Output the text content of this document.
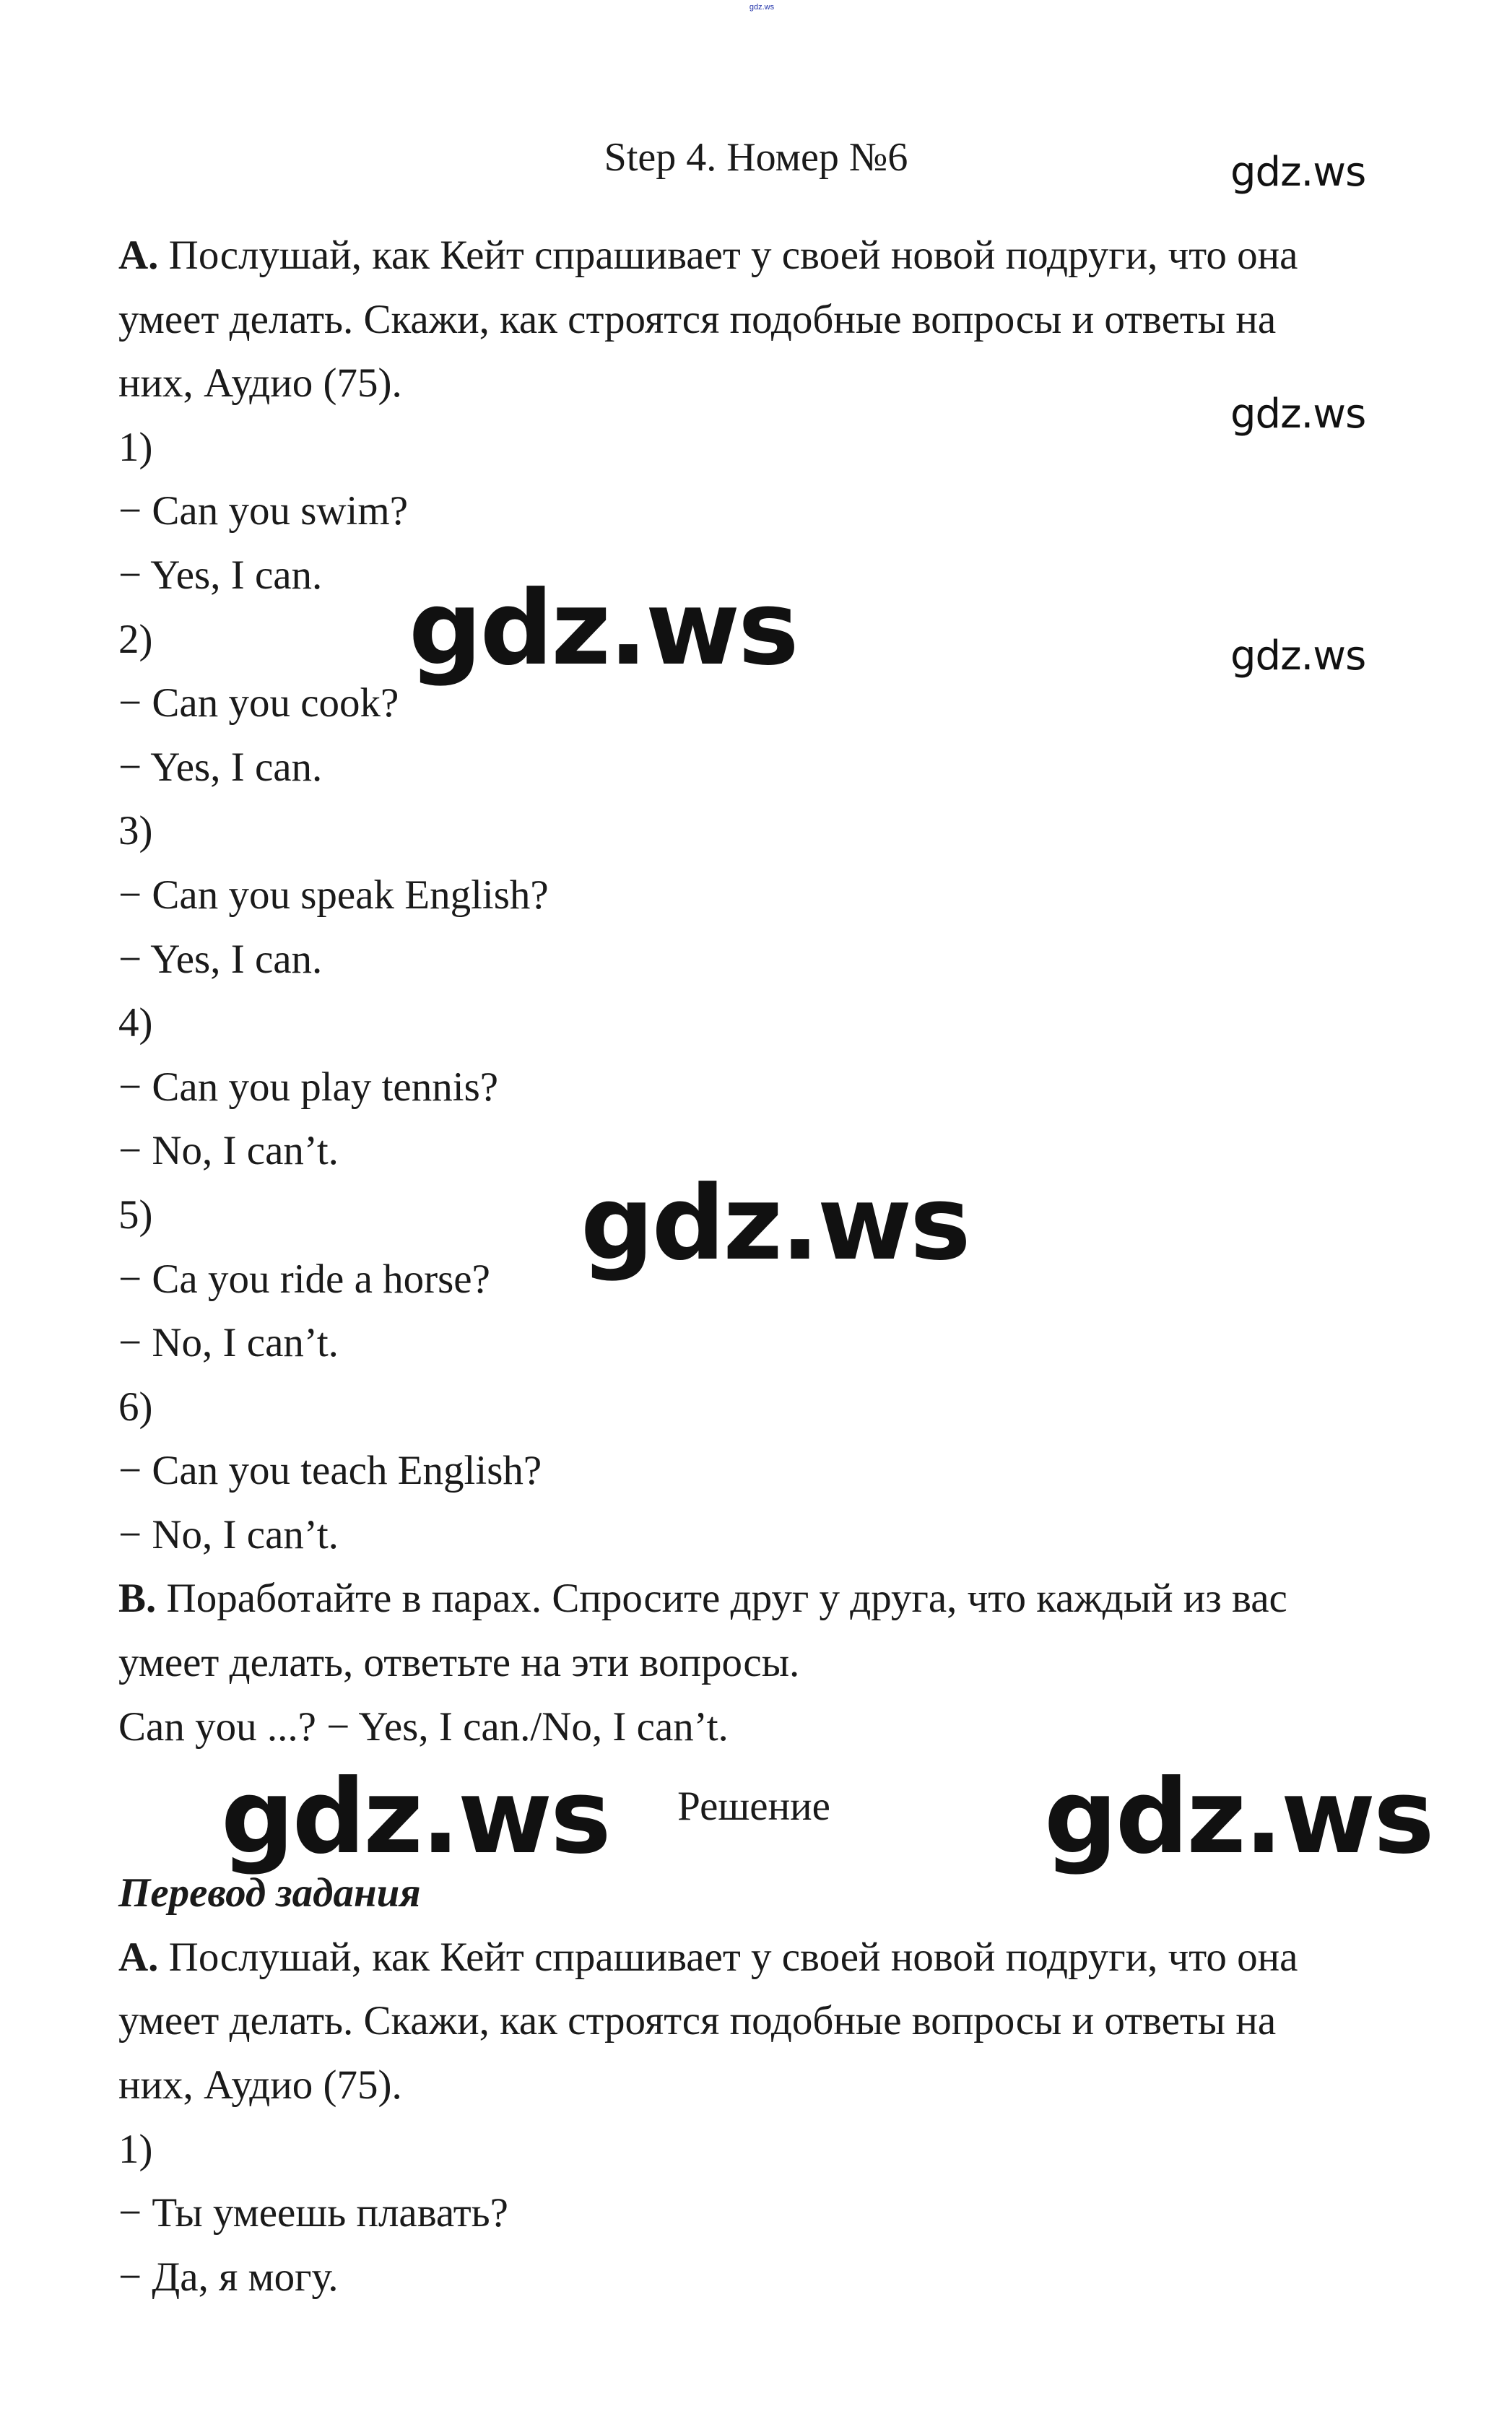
gdz.ws
Step 4. Номер №6
A. Послушай, как Кейт спрашивает у своей новой подруги, что она
умеет делать. Скажи, как строятся подобные вопросы и ответы на
них, Аудио (75).
1)
− Can you swim?
− Yes, I can.
2)
− Can you cook?
− Yes, I can.
3)
− Can you speak English?
− Yes, I can.
4)
− Can you play tennis?
− No, I can’t.
5)
− Ca you ride a horse?
− No, I can’t.
6)
− Can you teach English?
− No, I can’t.
B. Поработайте в парах. Спросите друг у друга, что каждый из вас
умеет делать, ответьте на эти вопросы.
Can you ...? − Yes, I can./No, I can’t.
Решение
Перевод задания
A. Послушай, как Кейт спрашивает у своей новой подруги, что она
умеет делать. Скажи, как строятся подобные вопросы и ответы на
них, Аудио (75).
1)
− Ты умеешь плавать?
− Да, я могу.
gdz.ws
gdz.ws
gdz.ws
gdz.ws
gdz.ws
gdz.ws	gdz.ws
